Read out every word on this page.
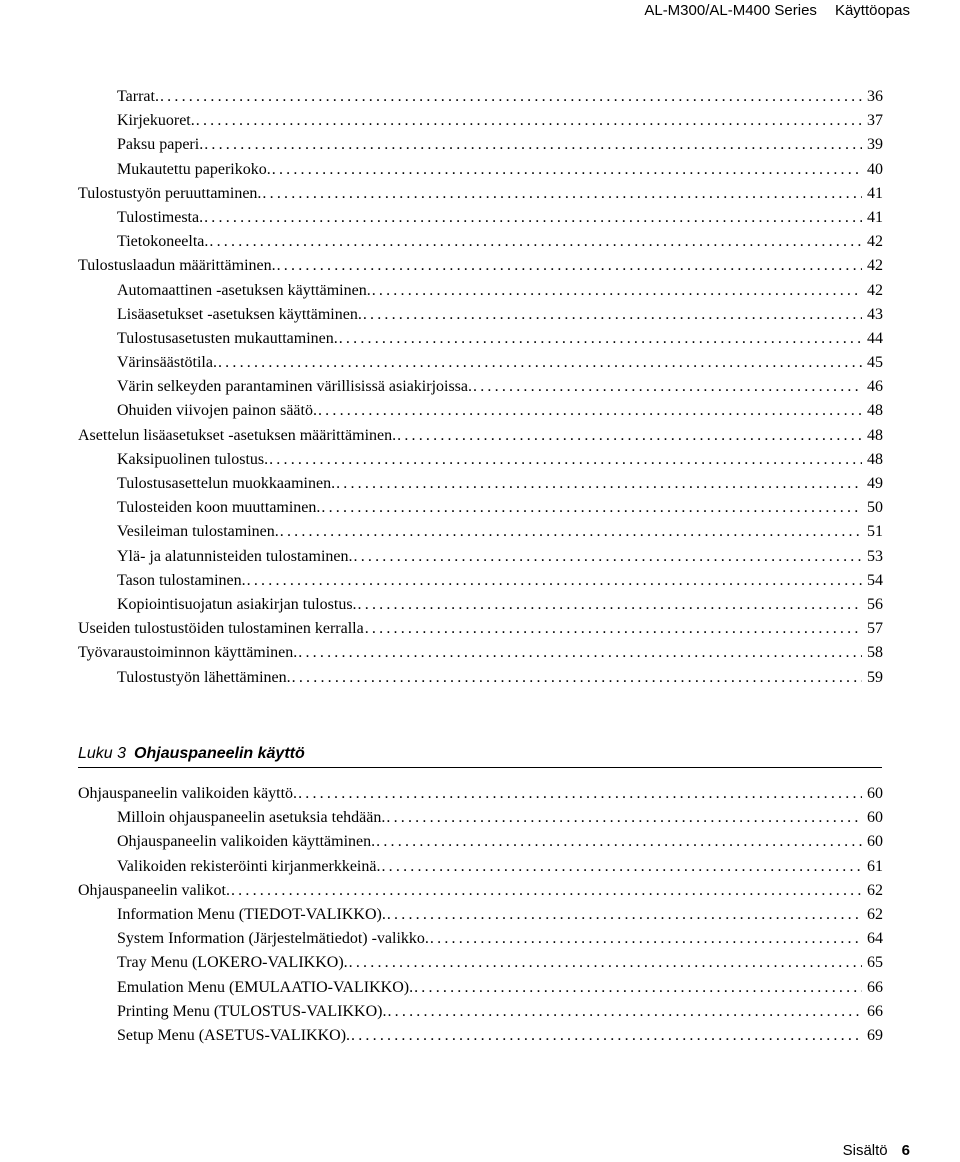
AL-M300/AL-M400 Series Käyttöopas
Tarrat. .....	36
Kirjekuoret. .....	37
Paksu paperi. .....	39
Mukautettu paperikoko. .....	40
Tulostustyön peruuttaminen. .....	41
Tulostimesta. .....	41
Tietokoneelta. .....	42
Tulostuslaadun määrittäminen. .....	42
Automaattinen -asetuksen käyttäminen. .....	42
Lisäasetukset -asetuksen käyttäminen. .....	43
Tulostusasetusten mukauttaminen. .....	44
Värinsäästötila. .....	45
Värin selkeyden parantaminen värillisissä asiakirjoissa. .....	46
Ohuiden viivojen painon säätö. .....	48
Asettelun lisäasetukset -asetuksen määrittäminen. .....	48
Kaksipuolinen tulostus. .....	48
Tulostusasettelun muokkaaminen. .....	49
Tulosteiden koon muuttaminen. .....	50
Vesileiman tulostaminen. .....	51
Ylä- ja alatunnisteiden tulostaminen. .....	53
Tason tulostaminen. .....	54
Kopiointisuojatun asiakirjan tulostus. .....	56
Useiden tulostustöiden tulostaminen kerralla .....	57
Työvaraustoiminnon käyttäminen. .....	58
Tulostustyön lähettäminen. .....	59
Luku 3 Ohjauspaneelin käyttö
Ohjauspaneelin valikoiden käyttö. .....	60
Milloin ohjauspaneelin asetuksia tehdään. .....	60
Ohjauspaneelin valikoiden käyttäminen. .....	60
Valikoiden rekisteröinti kirjanmerkkeinä. .....	61
Ohjauspaneelin valikot. .....	62
Information Menu (TIEDOT-VALIKKO). .....	62
System Information (Järjestelmätiedot) -valikko. .....	64
Tray Menu (LOKERO-VALIKKO). .....	65
Emulation Menu (EMULAATIO-VALIKKO). .....	66
Printing Menu (TULOSTUS-VALIKKO). .....	66
Setup Menu (ASETUS-VALIKKO). .....	69
Sisältö 6
